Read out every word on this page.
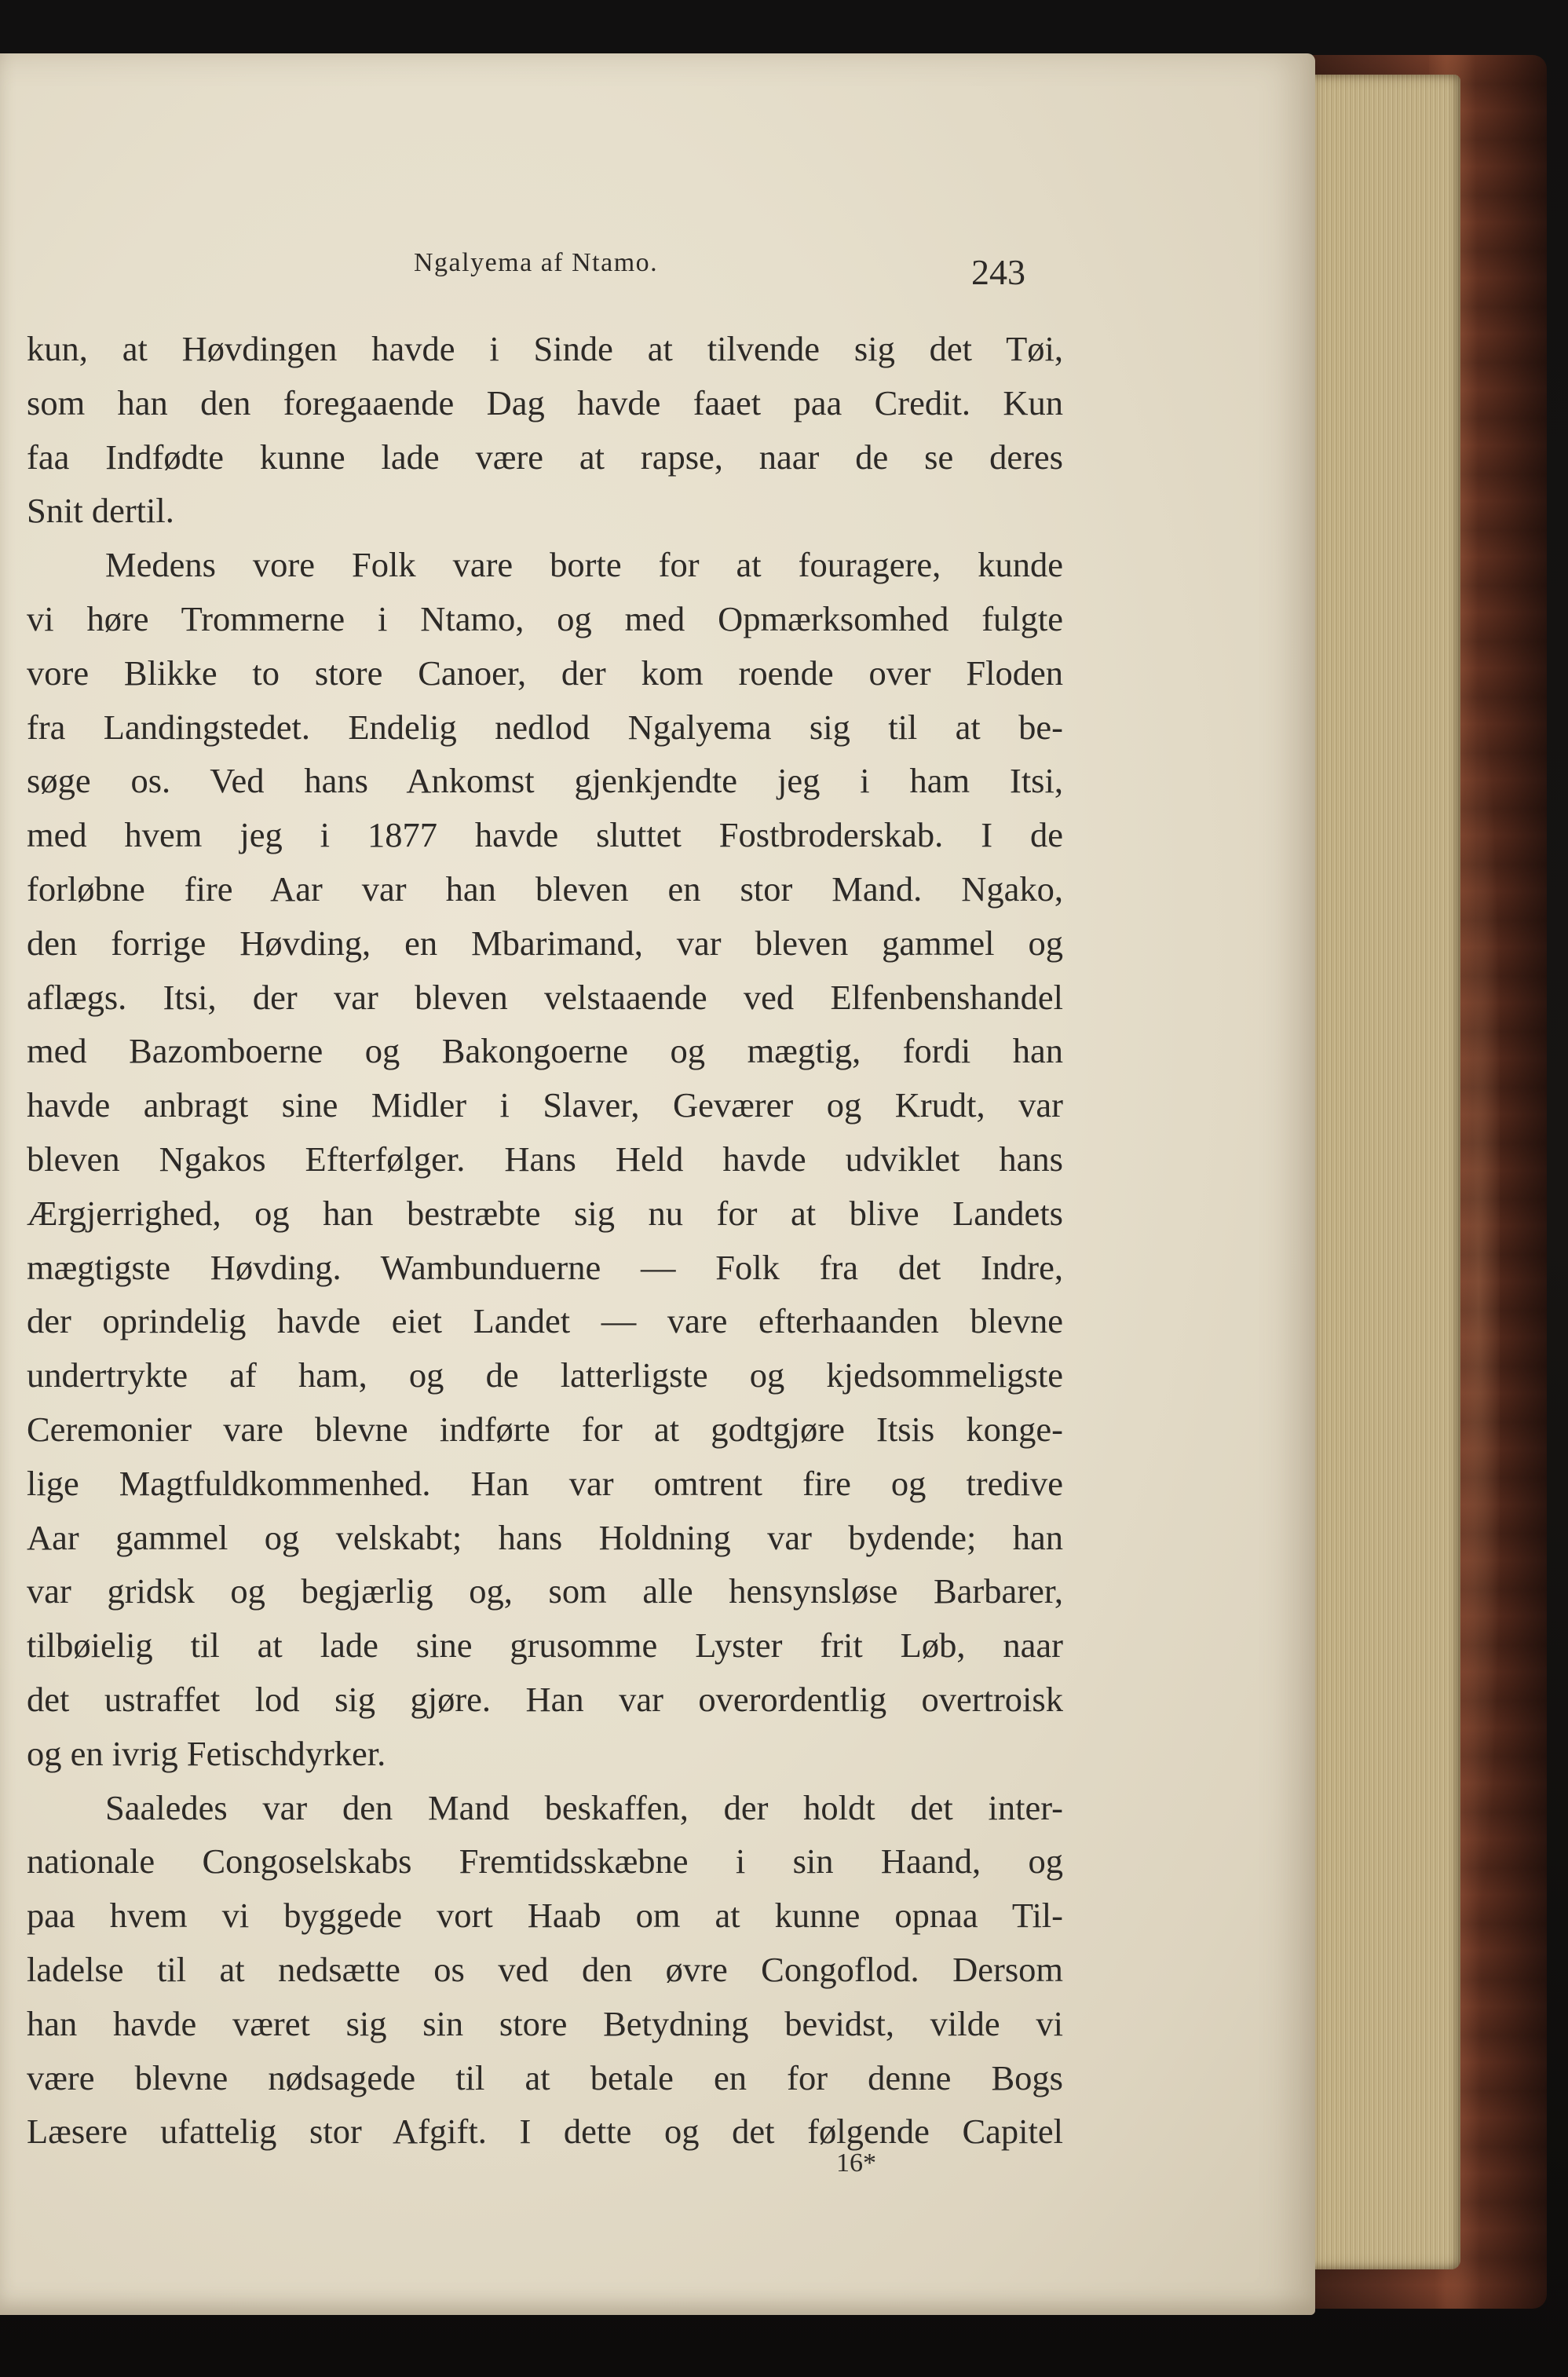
Ngalyema af Ntamo.	243
kun, at Høvdingen havde i Sinde at tilvende sig det Tøi,
som han den foregaaende Dag havde faaet paa Credit. Kun
faa Indfødte kunne lade være at rapse, naar de se deres
Snit dertil.
Medens vore Folk vare borte for at fouragere, kunde
vi høre Trommerne i Ntamo, og med Opmærksomhed fulgte
vore Blikke to store Canoer, der kom roende over Floden
fra Landingstedet. Endelig nedlod Ngalyema sig til at be-
søge os. Ved hans Ankomst gjenkjendte jeg i ham Itsi,
med hvem jeg i 1877 havde sluttet Fostbroderskab. I de
forløbne fire Aar var han bleven en stor Mand. Ngako,
den forrige Høvding, en Mbarimand, var bleven gammel og
aflægs. Itsi, der var bleven velstaaende ved Elfenbenshandel
med Bazomboerne og Bakongoerne og mægtig, fordi han
havde anbragt sine Midler i Slaver, Geværer og Krudt, var
bleven Ngakos Efterfølger. Hans Held havde udviklet hans
Ærgjerrighed, og han bestræbte sig nu for at blive Landets
mægtigste Høvding. Wambunduerne — Folk fra det Indre,
der oprindelig havde eiet Landet — vare efterhaanden blevne
undertrykte af ham, og de latterligste og kjedsommeligste
Ceremonier vare blevne indførte for at godtgjøre Itsis konge-
lige Magtfuldkommenhed. Han var omtrent fire og tredive
Aar gammel og velskabt; hans Holdning var bydende; han
var gridsk og begjærlig og, som alle hensynsløse Barbarer,
tilbøielig til at lade sine grusomme Lyster frit Løb, naar
det ustraffet lod sig gjøre. Han var overordentlig overtroisk
og en ivrig Fetischdyrker.
Saaledes var den Mand beskaffen, der holdt det inter-
nationale Congoselskabs Fremtidsskæbne i sin Haand, og
paa hvem vi byggede vort Haab om at kunne opnaa Til-
ladelse til at nedsætte os ved den øvre Congoflod. Dersom
han havde været sig sin store Betydning bevidst, vilde vi
være blevne nødsagede til at betale en for denne Bogs
Læsere ufattelig stor Afgift. I dette og det følgende Capitel
16*
